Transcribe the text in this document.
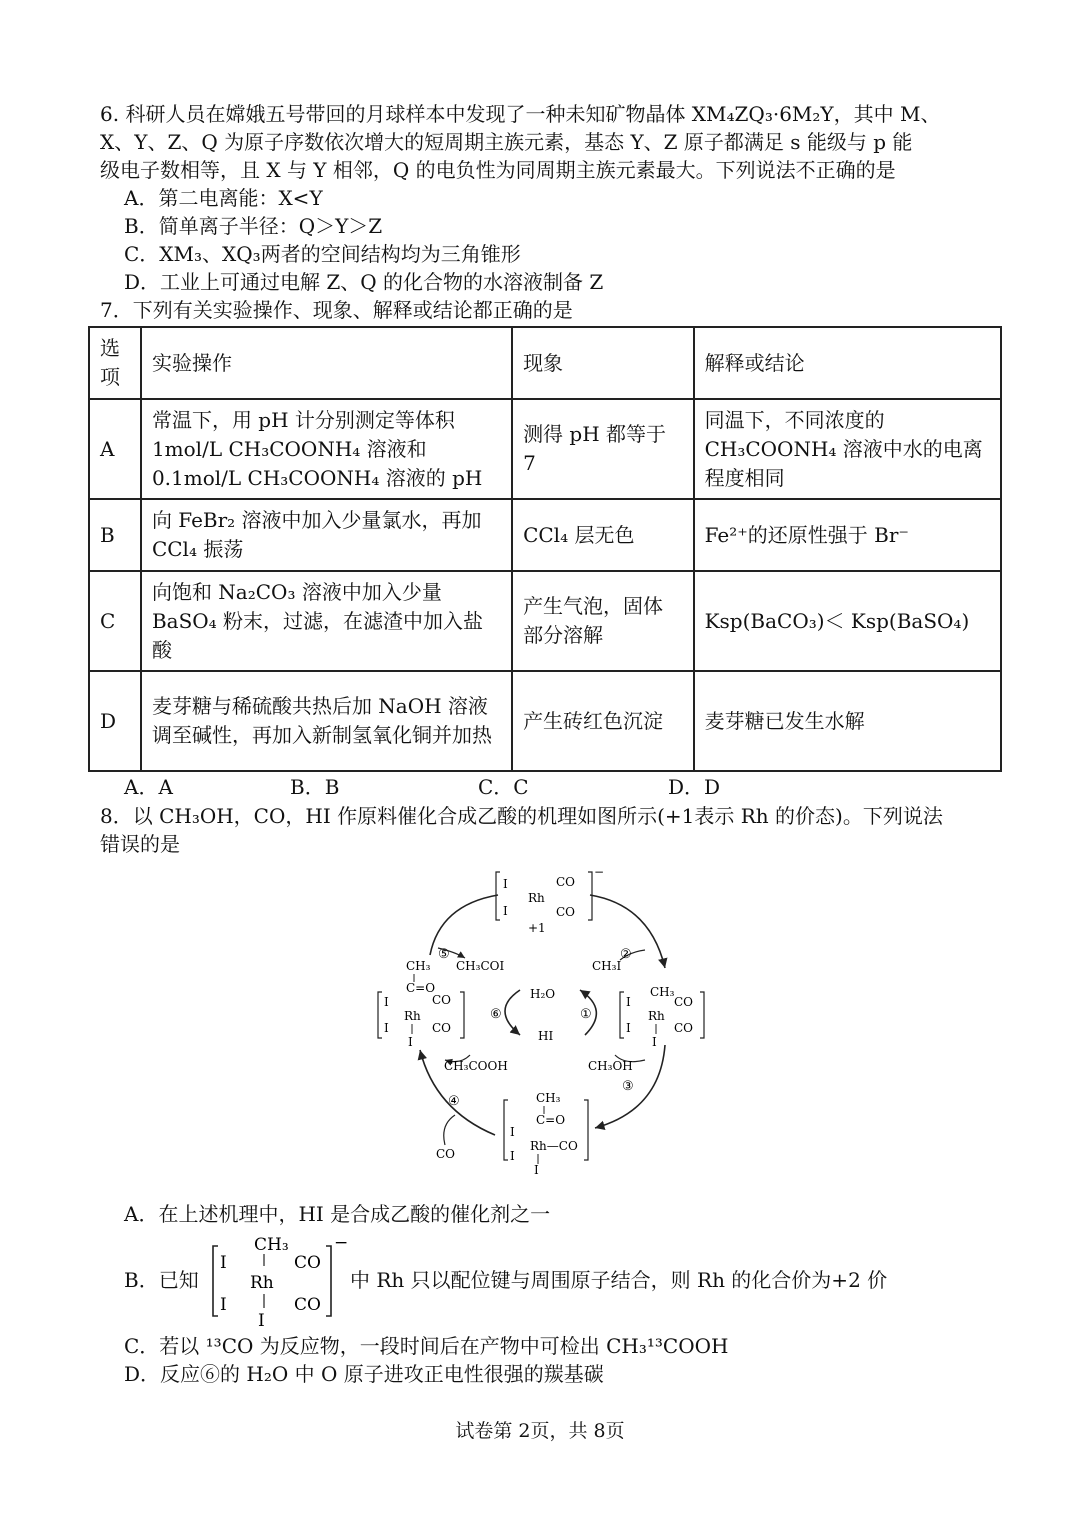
6. 科研人员在嫦娥五号带回的月球样本中发现了一种未知矿物晶体 XM₄ZQ₃·6M₂Y，其中 M、
X、Y、Z、Q 为原子序数依次增大的短周期主族元素，基态 Y、Z 原子都满足 s 能级与 p 能
级电子数相等，且 X 与 Y 相邻，Q 的电负性为同周期主族元素最大。下列说法不正确的是
A．第二电离能：X<Y
B．简单离子半径：Q＞Y＞Z
C．XM₃、XQ₃两者的空间结构均为三角锥形
D．工业上可通过电解 Z、Q 的化合物的水溶液制备 Z
7．下列有关实验操作、现象、解释或结论都正确的是
选项	实验操作	现象	解释或结论
A	常温下，用 pH 计分别测定等体积 1mol/L CH₃COONH₄ 溶液和 0.1mol/L CH₃COONH₄ 溶液的 pH	测得 pH 都等于 7	同温下，不同浓度的 CH₃COONH₄ 溶液中水的电离程度相同
B	向 FeBr₂ 溶液中加入少量氯水，再加 CCl₄ 振荡	CCl₄ 层无色	Fe²⁺的还原性强于 Br⁻
C	向饱和 Na₂CO₃ 溶液中加入少量 BaSO₄ 粉末，过滤，在滤渣中加入盐酸	产生气泡，固体部分溶解	Ksp(BaCO₃)＜ Ksp(BaSO₄)
D	麦芽糖与稀硫酸共热后加 NaOH 溶液调至碱性，再加入新制氢氧化铜并加热	产生砖红色沉淀	麦芽糖已发生水解
A．A	B．B	C．C	D．D
8．以 CH₃OH，CO，HI 作原料催化合成乙酸的机理如图所示(+1表示 Rh 的价态)。下列说法
错误的是
I
I
Rh
CO
CO
−
+1
⑤	②
⑥	①
③
④
CH₃COI	CH₃I
H₂O
HI
CH₃COOH	CH₃OH
CO
CH₃
C=O
I
I
Rh
CO
CO
I
CH₃
I
I
Rh
CO
CO
I
CH₃
C=O
I
I
Rh—CO
I
A．在上述机理中，HI 是合成乙酸的催化剂之一
B．已知
CH₃
I
I
Rh
CO
CO
I
−
中 Rh 只以配位键与周围原子结合，则 Rh 的化合价为+2 价
C．若以 ¹³CO 为反应物，一段时间后在产物中可检出 CH₃¹³COOH
D．反应⑥的 H₂O 中 O 原子进攻正电性很强的羰基碳
试卷第 2页，共 8页
